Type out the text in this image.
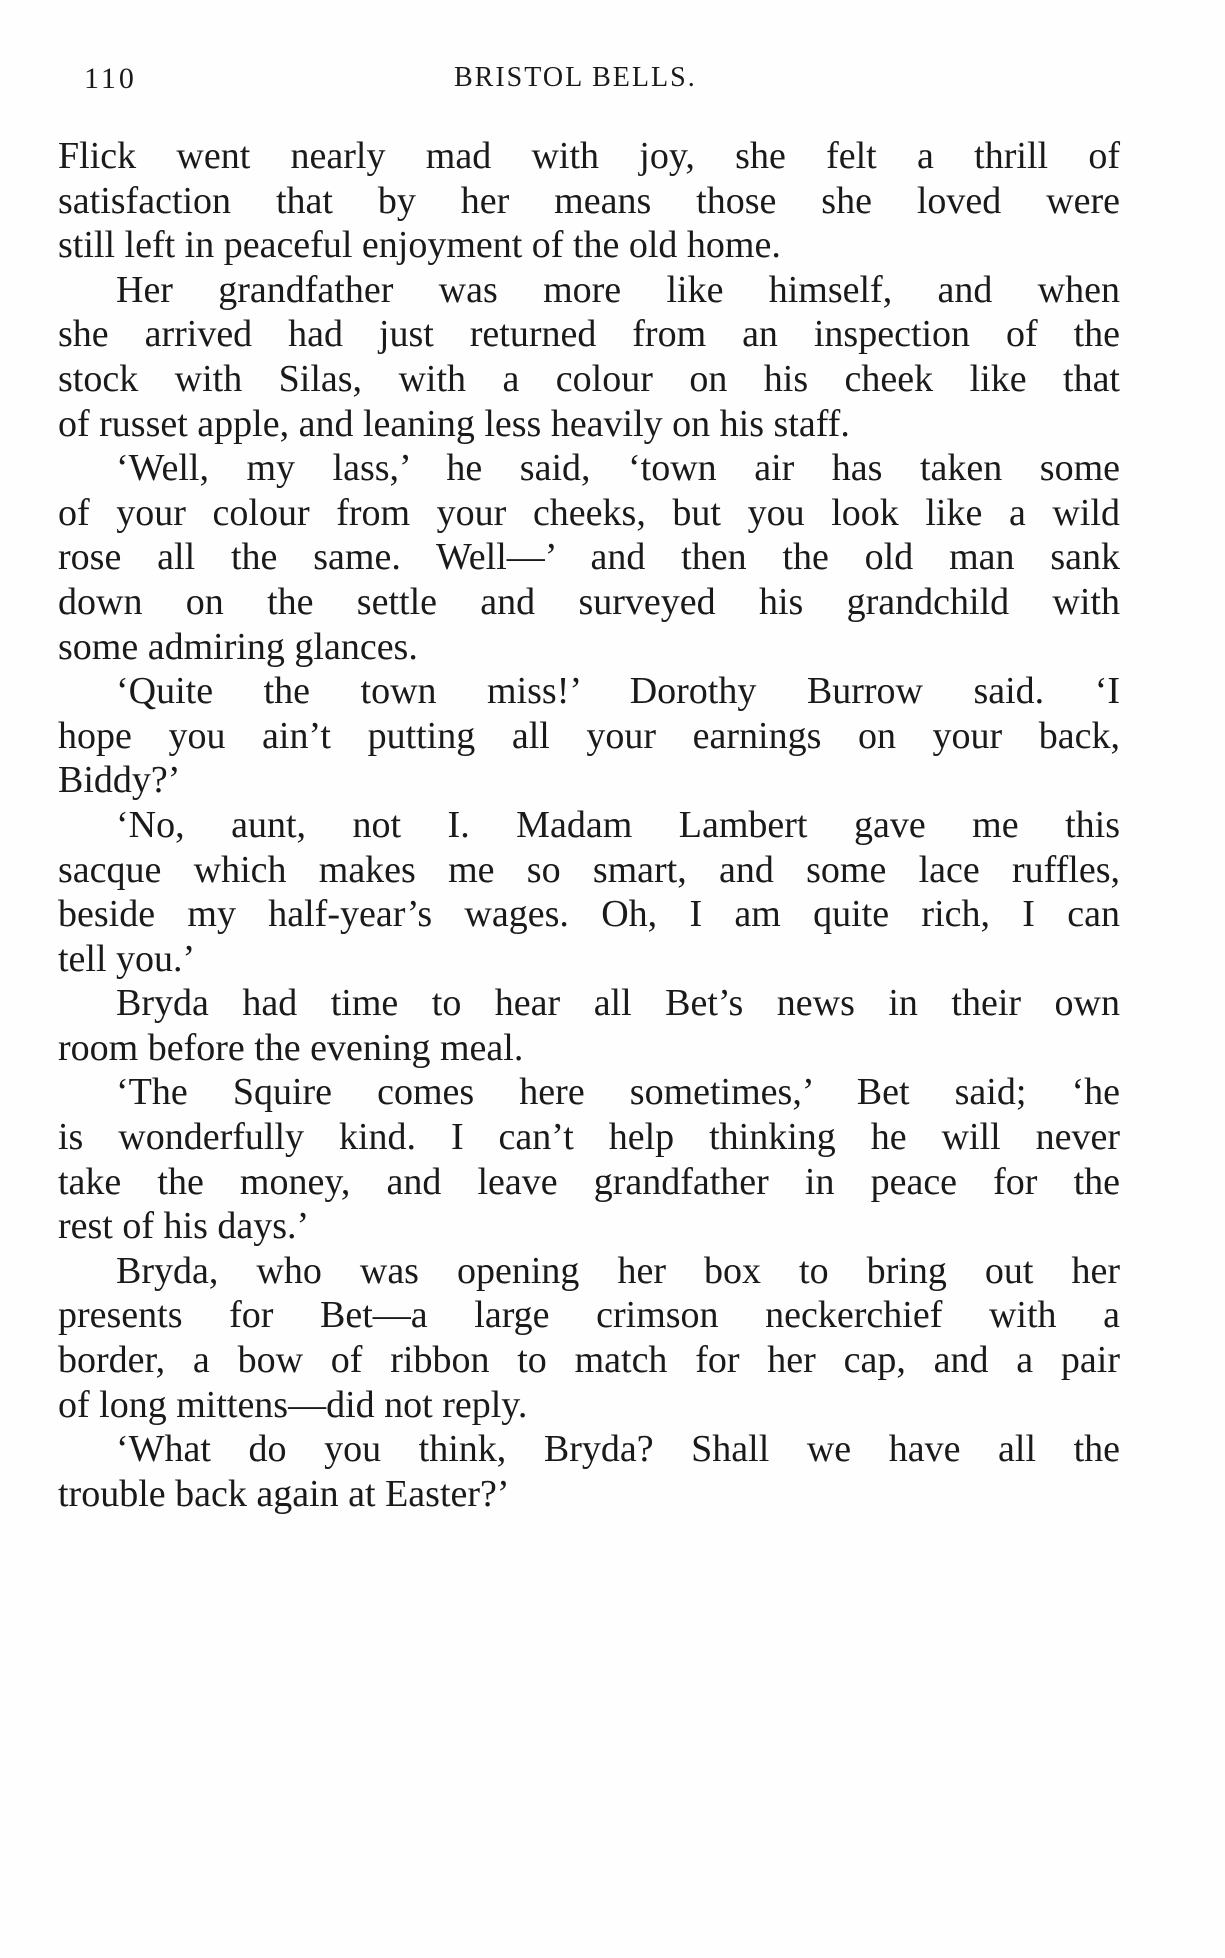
110	BRISTOL BELLS.
Flick went nearly mad with joy, she felt a thrill of
satisfaction that by her means those she loved were
still left in peaceful enjoyment of the old home.
Her grandfather was more like himself, and when
she arrived had just returned from an inspection of the
stock with Silas, with a colour on his cheek like that
of russet apple, and leaning less heavily on his staff.
‘Well, my lass,’ he said, ‘town air has taken some
of your colour from your cheeks, but you look like a wild
rose all the same. Well—’ and then the old man sank
down on the settle and surveyed his grandchild with
some admiring glances.
‘Quite the town miss!’ Dorothy Burrow said. ‘I
hope you ain’t putting all your earnings on your back,
Biddy?’
‘No, aunt, not I. Madam Lambert gave me this
sacque which makes me so smart, and some lace ruffles,
beside my half-year’s wages. Oh, I am quite rich, I can
tell you.’
Bryda had time to hear all Bet’s news in their own
room before the evening meal.
‘The Squire comes here sometimes,’ Bet said; ‘he
is wonderfully kind. I can’t help thinking he will never
take the money, and leave grandfather in peace for the
rest of his days.’
Bryda, who was opening her box to bring out her
presents for Bet—a large crimson neckerchief with a
border, a bow of ribbon to match for her cap, and a pair
of long mittens—did not reply.
‘What do you think, Bryda? Shall we have all the
trouble back again at Easter?’
